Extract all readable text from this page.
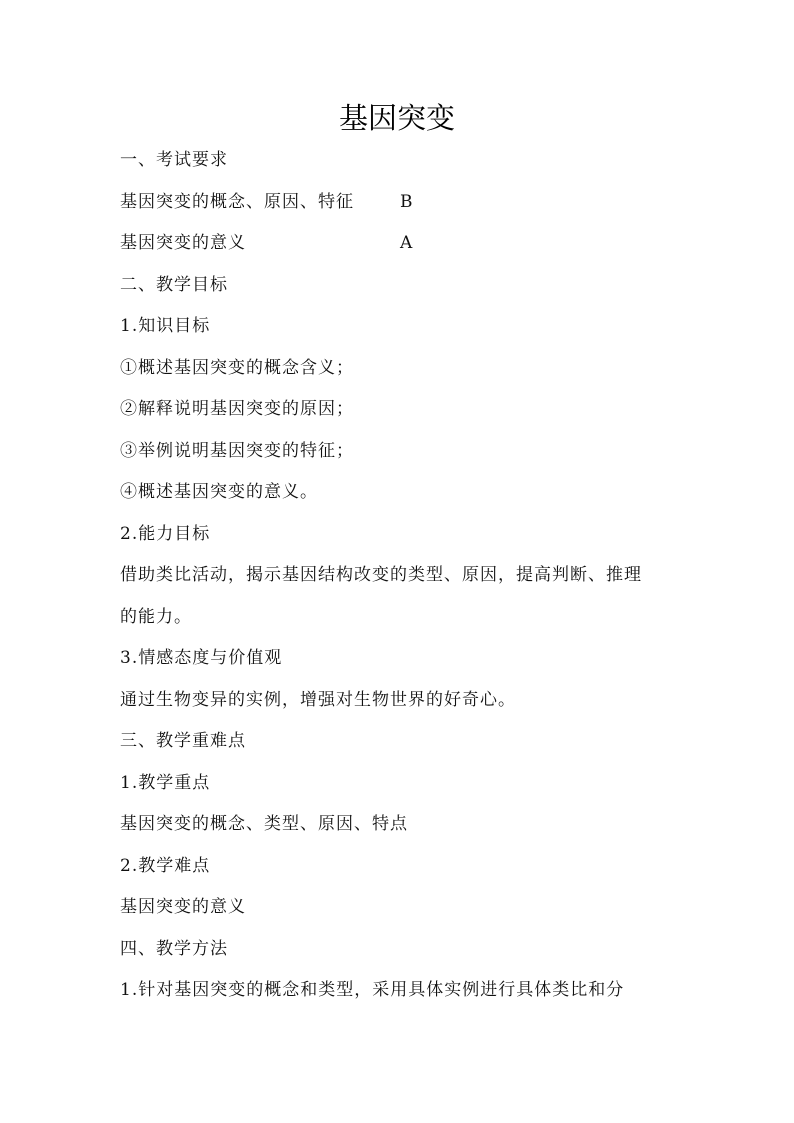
基因突变
一、考试要求
基因突变的概念、原因、特征	B
基因突变的意义	A
二、教学目标
1.知识目标
①概述基因突变的概念含义；
②解释说明基因突变的原因；
③举例说明基因突变的特征；
④概述基因突变的意义。
2.能力目标
借助类比活动，揭示基因结构改变的类型、原因，提高判断、推理
的能力。
3.情感态度与价值观
通过生物变异的实例，增强对生物世界的好奇心。
三、教学重难点
1.教学重点
基因突变的概念、类型、原因、特点
2.教学难点
基因突变的意义
四、教学方法
1.针对基因突变的概念和类型，采用具体实例进行具体类比和分
